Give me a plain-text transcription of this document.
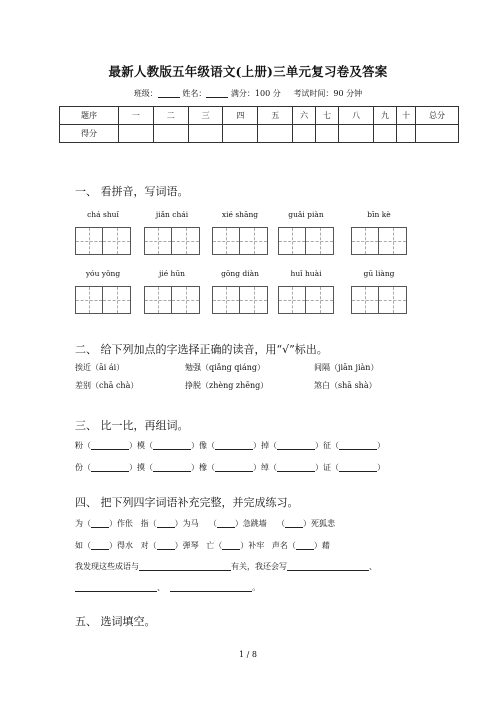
最新人教版五年级语文(上册)三单元复习卷及答案
班级：	姓名：	满分：100 分 考试时间：90 分钟
题序	一	二	三	四	五	六	七	八	九	十	总分
得分											
一、 看拼音，写词语。
chá shuǐ	jiǎn chái	xié shāng	guǎi piàn	bīn kè
yóu yǒng	jié hūn	gōng diàn	huǐ huài	gū liàng
二、 给下列加点的字选择正确的读音，用“√”标出。
挨近（āi ái）	勉强（qiǎng qiáng）	间隔（jiān jiàn）
差别（chā chà）	挣脱（zhèng zhēng）	煞白（shā shà）
三、 比一比，再组词。
粉（	）模（	）像（	）掉（	）征（	）
份（	）摸（	）橡（	）绰（	）证（	）
四、 把下列四字词语补充完整，并完成练习。
为（ ）作伥 指（ ）为马 （ ）急跳墙 （ ）死狐悲
如（ ）得水 对（ ）弹琴 亡（ ）补牢 声名（ ）藉
我发现这些成语与	有关，我还会写	、
、	。
五、 选词填空。
1 / 8
